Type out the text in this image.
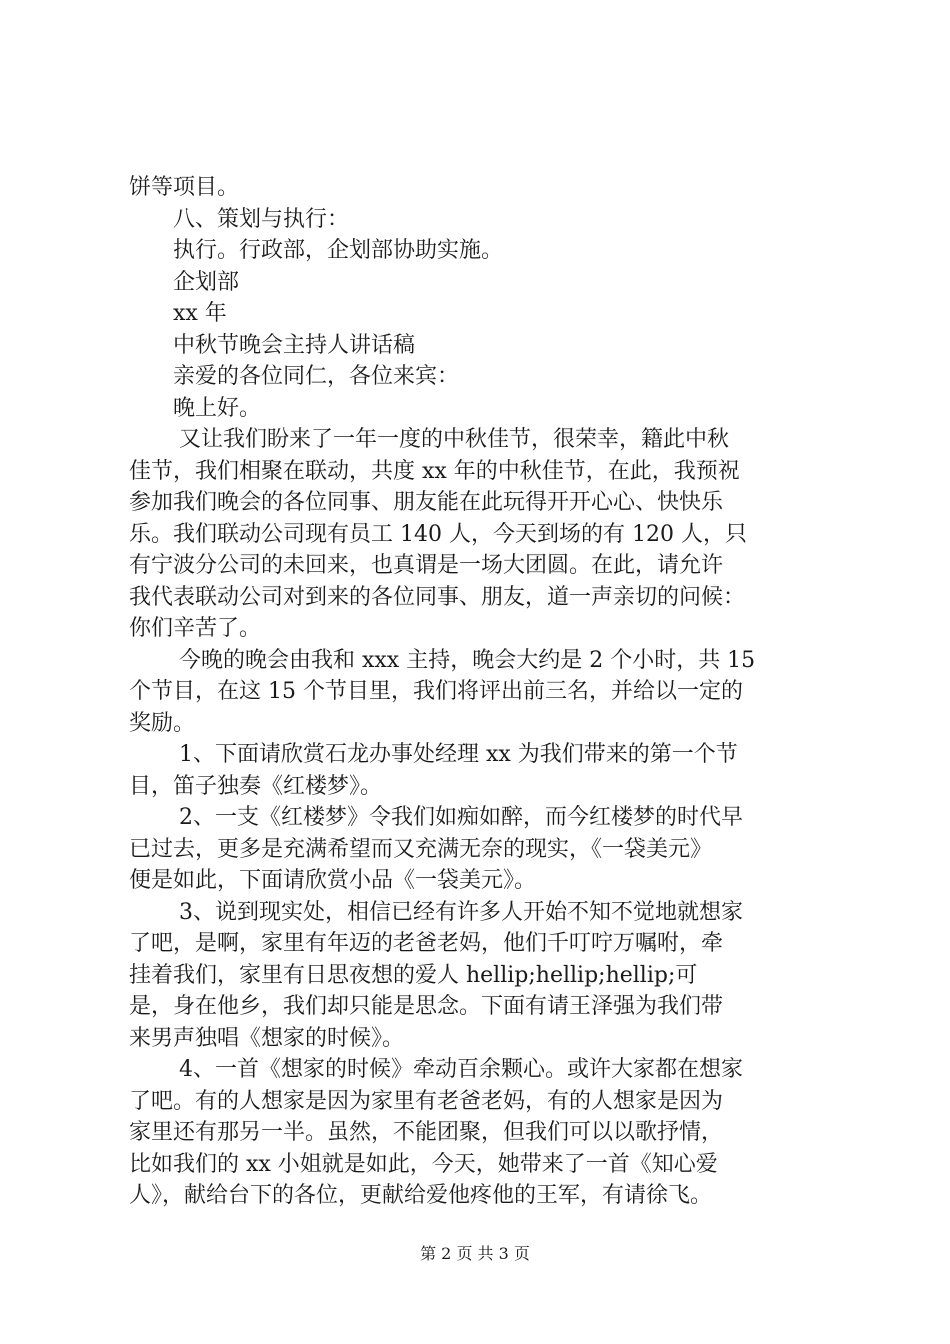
饼等项目。
八、策划与执行：
执行。行政部，企划部协助实施。
企划部
xx 年
中秋节晚会主持人讲话稿
亲爱的各位同仁，各位来宾：
晚上好。
又让我们盼来了一年一度的中秋佳节，很荣幸，籍此中秋
佳节，我们相聚在联动，共度 xx 年的中秋佳节，在此，我预祝
参加我们晚会的各位同事、朋友能在此玩得开开心心、快快乐
乐。我们联动公司现有员工 140 人，今天到场的有 120 人，只
有宁波分公司的未回来，也真谓是一场大团圆。在此，请允许
我代表联动公司对到来的各位同事、朋友，道一声亲切的问候：
你们辛苦了。
今晚的晚会由我和 xxx 主持，晚会大约是 2 个小时，共 15
个节目，在这 15 个节目里，我们将评出前三名，并给以一定的
奖励。
1、下面请欣赏石龙办事处经理 xx 为我们带来的第一个节
目，笛子独奏《红楼梦》。
2、一支《红楼梦》令我们如痴如醉，而今红楼梦的时代早
已过去，更多是充满希望而又充满无奈的现实，《一袋美元》
便是如此，下面请欣赏小品《一袋美元》。
3、说到现实处，相信已经有许多人开始不知不觉地就想家
了吧，是啊，家里有年迈的老爸老妈，他们千叮咛万嘱咐，牵
挂着我们，家里有日思夜想的爱人 hellip;hellip;hellip;可
是，身在他乡，我们却只能是思念。下面有请王泽强为我们带
来男声独唱《想家的时候》。
4、一首《想家的时候》牵动百余颗心。或许大家都在想家
了吧。有的人想家是因为家里有老爸老妈，有的人想家是因为
家里还有那另一半。虽然，不能团聚，但我们可以以歌抒情，
比如我们的 xx 小姐就是如此，今天，她带来了一首《知心爱
人》，献给台下的各位，更献给爱他疼他的王军，有请徐飞。
第 2 页 共 3 页
